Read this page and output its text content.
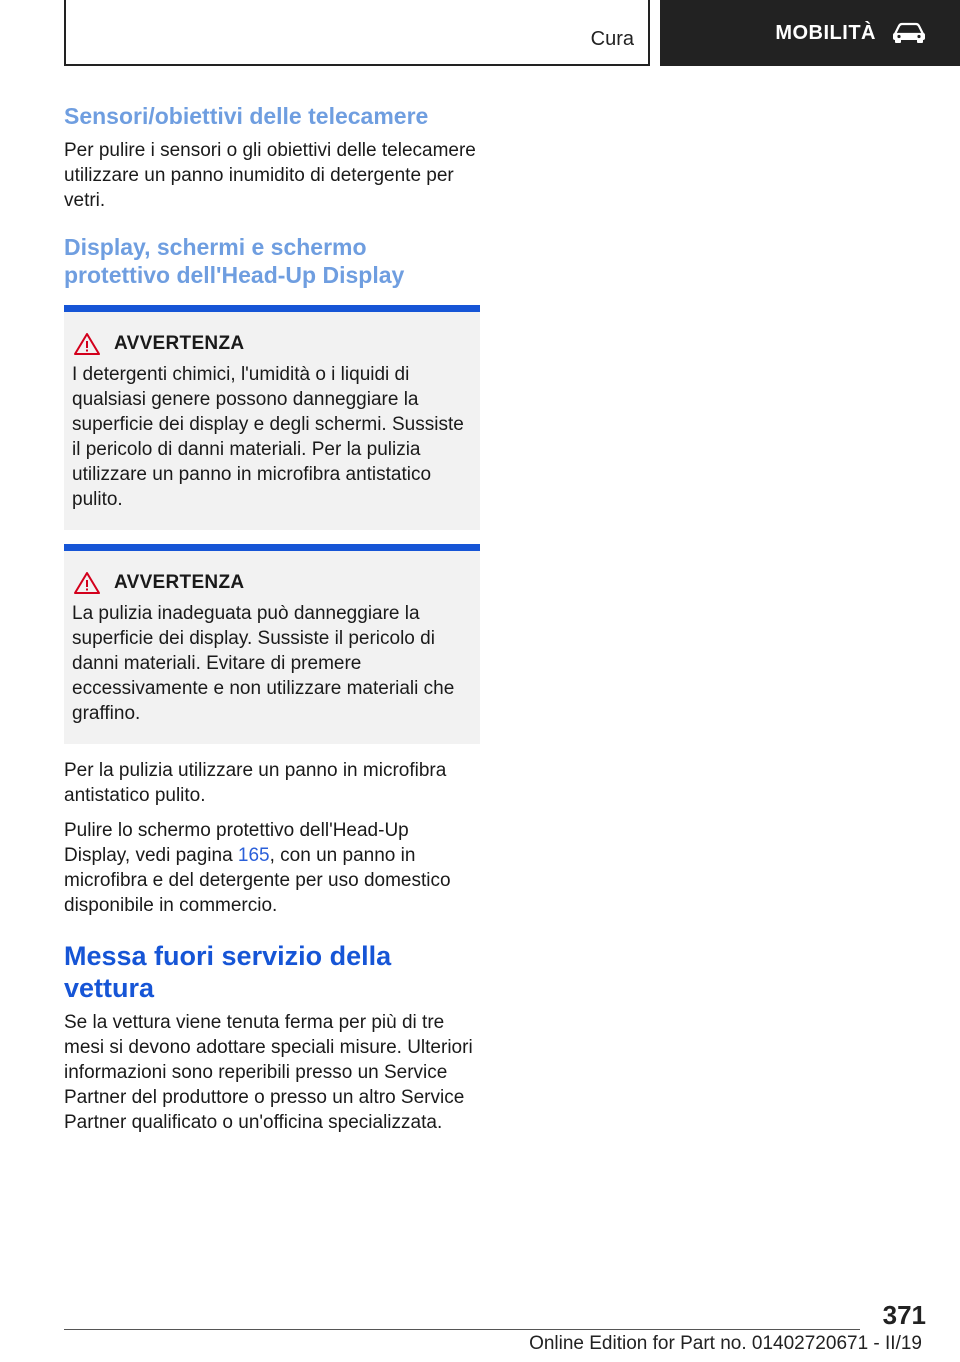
Cura	MOBILITÀ
Sensori/obiettivi delle telecamere

Per pulire i sensori o gli obiettivi delle telecamere utilizzare un panno inumidito di detergente per vetri.

Display, schermi e schermo
protettivo dell'Head-Up Display
AVVERTENZA

I detergenti chimici, l'umidità o i liquidi di qualsiasi genere possono danneggiare la superficie dei display e degli schermi. Sussiste il pericolo di danni materiali. Per la pulizia utilizzare un panno in microfibra antistatico pulito.

AVVERTENZA

La pulizia inadeguata può danneggiare la superficie dei display. Sussiste il pericolo di danni materiali. Evitare di premere eccessivamente e non utilizzare materiali che graffino.

Per la pulizia utilizzare un panno in microfibra antistatico pulito.

Pulire lo schermo protettivo dell'Head-Up Display, vedi pagina 165, con un panno in microfibra e del detergente per uso domestico disponibile in commercio.

Messa fuori servizio della vettura

Se la vettura viene tenuta ferma per più di tre mesi si devono adottare speciali misure. Ulteriori informazioni sono reperibili presso un Service Partner del produttore o presso un altro Service Partner qualificato o un'officina specializzata.

371
Online Edition for Part no. 01402720671 - II/19
